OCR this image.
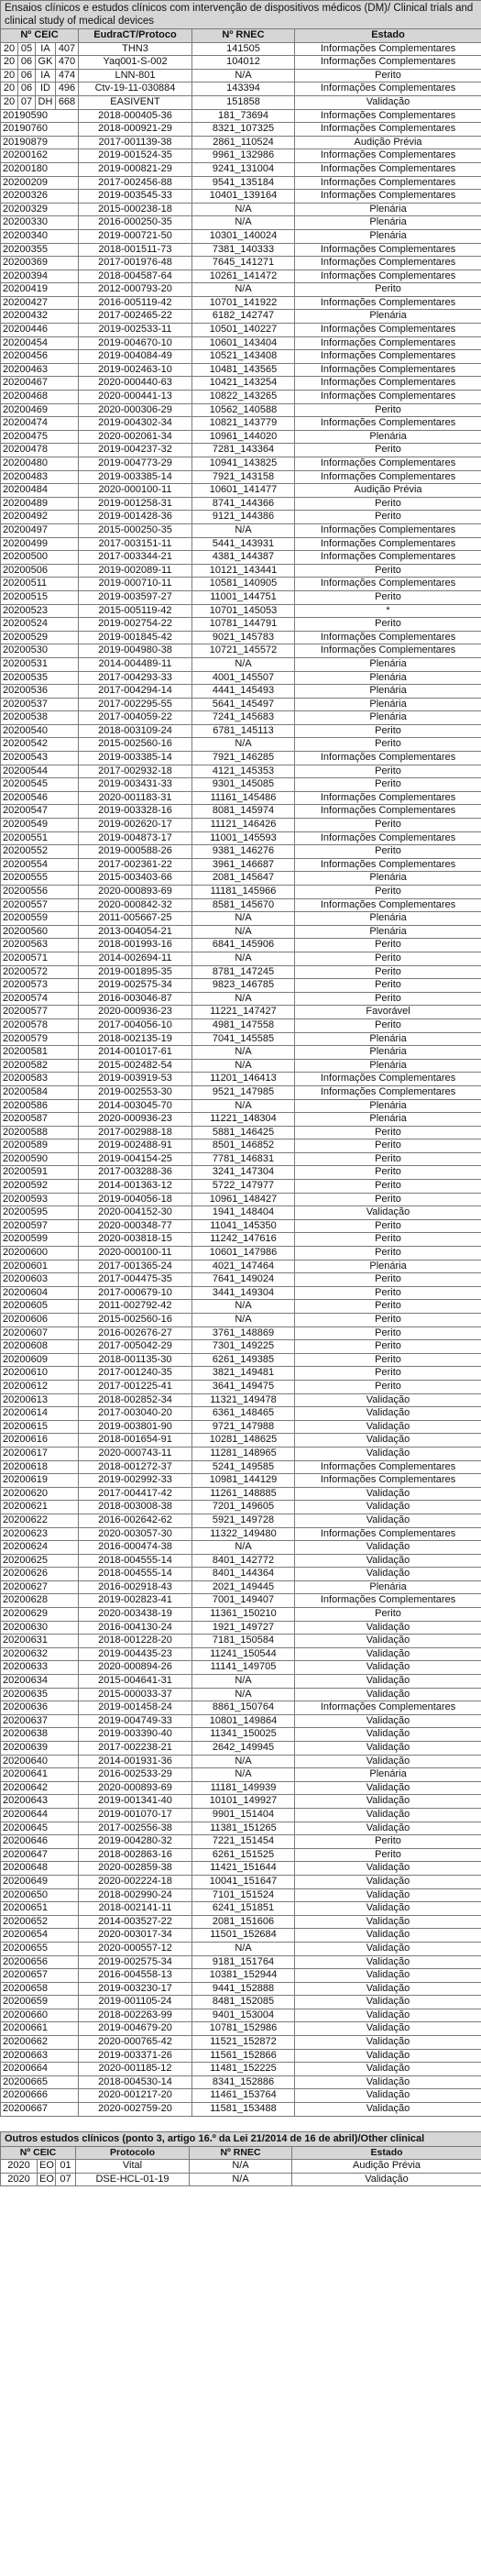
Ensaios clínicos e estudos clínicos com intervenção de dispositivos médicos (DM)/ Clinical trials and clinical study of medical devices						
Nº CEIC				EudraCT/Protoco	Nº RNEC	Estado
20	05	IA	407	THN3	141505	Informações Complementares
20	06	GK	470	Yaq001-S-002	104012	Informações Complementares
20	06	IA	474	LNN-801	N/A	Perito
20	06	ID	496	Ctv-19-11-030884	143394	Informações Complementares
20	07	DH	668	EASIVENT	151858	Validação
20190590				2018-000405-36	181_73694	Informações Complementares
20190760				2018-000921-29	8321_107325	Informações Complementares
20190879				2017-001139-38	2861_110524	Audição Prévia
20200162				2019-001524-35	9961_132986	Informações Complementares
20200180				2019-000821-29	9241_131004	Informações Complementares
20200209				2017-002456-88	9541_135184	Informações Complementares
20200326				2019-003545-33	10401_139164	Informações Complementares
20200329				2015-000238-18	N/A	Plenária
20200330				2016-000250-35	N/A	Plenária
20200340				2019-000721-50	10301_140024	Plenária
20200355				2018-001511-73	7381_140333	Informações Complementares
20200369				2017-001976-48	7645_141271	Informações Complementares
20200394				2018-004587-64	10261_141472	Informações Complementares
20200419				2012-000793-20	N/A	Perito
20200427				2016-005119-42	10701_141922	Informações Complementares
20200432				2017-002465-22	6182_142747	Plenária
20200446				2019-002533-11	10501_140227	Informações Complementares
20200454				2019-004670-10	10601_143404	Informações Complementares
20200456				2019-004084-49	10521_143408	Informações Complementares
20200463				2019-002463-10	10481_143565	Informações Complementares
20200467				2020-000440-63	10421_143254	Informações Complementares
20200468				2020-000441-13	10822_143265	Informações Complementares
20200469				2020-000306-29	10562_140588	Perito
20200474				2019-004302-34	10821_143779	Informações Complementares
20200475				2020-002061-34	10961_144020	Plenária
20200478				2019-004237-32	7281_143364	Perito
20200480				2019-004773-29	10941_143825	Informações Complementares
20200483				2019-003385-14	7921_143158	Informações Complementares
20200484				2020-000100-11	10601_141477	Audição Prévia
20200489				2019-001258-31	8741_144366	Perito
20200492				2019-001428-36	9121_144386	Perito
20200497				2015-000250-35	N/A	Informações Complementares
20200499				2017-003151-11	5441_143931	Informações Complementares
20200500				2017-003344-21	4381_144387	Informações Complementares
20200506				2019-002089-11	10121_143441	Perito
20200511				2019-000710-11	10581_140905	Informações Complementares
20200515				2019-003597-27	11001_144751	Perito
20200523				2015-005119-42	10701_145053	*
20200524				2019-002754-22	10781_144791	Perito
20200529				2019-001845-42	9021_145783	Informações Complementares
20200530				2019-004980-38	10721_145572	Informações Complementares
20200531				2014-004489-11	N/A	Plenária
20200535				2017-004293-33	4001_145507	Plenária
20200536				2017-004294-14	4441_145493	Plenária
20200537				2017-002295-55	5641_145497	Plenária
20200538				2017-004059-22	7241_145683	Plenária
20200540				2018-003109-24	6781_145113	Perito
20200542				2015-002560-16	N/A	Perito
20200543				2019-003385-14	7921_146285	Informações Complementares
20200544				2017-002932-18	4121_145353	Perito
20200545				2019-003431-33	9301_145085	Perito
20200546				2020-001183-31	11161_145486	Informações Complementares
20200547				2019-003328-16	8081_145974	Informações Complementares
20200549				2019-002620-17	11121_146426	Perito
20200551				2019-004873-17	11001_145593	Informações Complementares
20200552				2019-000588-26	9381_146276	Perito
20200554				2017-002361-22	3961_146687	Informações Complementares
20200555				2015-003403-66	2081_145647	Plenária
20200556				2020-000893-69	11181_145966	Perito
20200557				2020-000842-32	8581_145670	Informações Complementares
20200559				2011-005667-25	N/A	Plenária
20200560				2013-004054-21	N/A	Plenária
20200563				2018-001993-16	6841_145906	Perito
20200571				2014-002694-11	N/A	Perito
20200572				2019-001895-35	8781_147245	Perito
20200573				2019-002575-34	9823_146785	Perito
20200574				2016-003046-87	N/A	Perito
20200577				2020-000936-23	11221_147427	Favorável
20200578				2017-004056-10	4981_147558	Perito
20200579				2018-002135-19	7041_145585	Plenária
20200581				2014-001017-61	N/A	Plenária
20200582				2015-002482-54	N/A	Plenária
20200583				2019-003919-53	11201_146413	Informações Complementares
20200584				2019-002553-30	9521_147985	Informações Complementares
20200586				2014-003045-70	N/A	Plenária
20200587				2020-000936-23	11221_148304	Plenária
20200588				2017-002988-18	5881_146425	Perito
20200589				2019-002488-91	8501_146852	Perito
20200590				2019-004154-25	7781_146831	Perito
20200591				2017-003288-36	3241_147304	Perito
20200592				2014-001363-12	5722_147977	Perito
20200593				2019-004056-18	10961_148427	Perito
20200595				2020-004152-30	1941_148404	Validação
20200597				2020-000348-77	11041_145350	Perito
20200599				2020-003818-15	11242_147616	Perito
20200600				2020-000100-11	10601_147986	Perito
20200601				2017-001365-24	4021_147464	Plenária
20200603				2017-004475-35	7641_149024	Perito
20200604				2017-000679-10	3441_149304	Perito
20200605				2011-002792-42	N/A	Perito
20200606				2015-002560-16	N/A	Perito
20200607				2016-002676-27	3761_148869	Perito
20200608				2017-005042-29	7301_149225	Perito
20200609				2018-001135-30	6261_149385	Perito
20200610				2017-001240-35	3821_149481	Perito
20200612				2017-001225-41	3641_149475	Perito
20200613				2018-002852-34	11321_149478	Validação
20200614				2017-003040-20	6361_148465	Validação
20200615				2019-003801-90	9721_147988	Validação
20200616				2018-001654-91	10281_148625	Validação
20200617				2020-000743-11	11281_148965	Validação
20200618				2018-001272-37	5241_149585	Informações Complementares
20200619				2019-002992-33	10981_144129	Informações Complementares
20200620				2017-004417-42	11261_148885	Validação
20200621				2018-003008-38	7201_149605	Validação
20200622				2016-002642-62	5921_149728	Validação
20200623				2020-003057-30	11322_149480	Informações Complementares
20200624				2016-000474-38	N/A	Validação
20200625				2018-004555-14	8401_142772	Validação
20200626				2018-004555-14	8401_144364	Validação
20200627				2016-002918-43	2021_149445	Plenária
20200628				2019-002823-41	7001_149407	Informações Complementares
20200629				2020-003438-19	11361_150210	Perito
20200630				2016-004130-24	1921_149727	Validação
20200631				2018-001228-20	7181_150584	Validação
20200632				2019-004435-23	11241_150544	Validação
20200633				2020-000894-26	11141_149705	Validação
20200634				2015-004641-31	N/A	Validação
20200635				2015-000033-37	N/A	Validação
20200636				2019-001458-24	8861_150764	Informações Complementares
20200637				2019-004749-33	10801_149864	Validação
20200638				2019-003390-40	11341_150025	Validação
20200639				2017-002238-21	2642_149945	Validação
20200640				2014-001931-36	N/A	Validação
20200641				2016-002533-29	N/A	Plenária
20200642				2020-000893-69	11181_149939	Validação
20200643				2019-001341-40	10101_149927	Validação
20200644				2019-001070-17	9901_151404	Validação
20200645				2017-002556-38	11381_151265	Validação
20200646				2019-004280-32	7221_151454	Perito
20200647				2018-002863-16	6261_151525	Perito
20200648				2020-002859-38	11421_151644	Validação
20200649				2020-002224-18	10041_151647	Validação
20200650				2018-002990-24	7101_151524	Validação
20200651				2018-002141-11	6241_151851	Validação
20200652				2014-003527-22	2081_151606	Validação
20200654				2020-003017-34	11501_152684	Validação
20200655				2020-000557-12	N/A	Validação
20200656				2019-002575-34	9181_151764	Validação
20200657				2016-004558-13	10381_152944	Validação
20200658				2019-003230-17	9441_152888	Validação
20200659				2019-001105-24	8481_152085	Validação
20200660				2018-002263-99	9401_153004	Validação
20200661				2019-004679-20	10781_152986	Validação
20200662				2020-000765-42	11521_152872	Validação
20200663				2019-003371-26	11561_152866	Validação
20200664				2020-001185-12	11481_152225	Validação
20200665				2018-004530-14	8341_152886	Validação
20200666				2020-001217-20	11461_153764	Validação
20200667				2020-002759-20	11581_153488	Validação
Outros estudos clínicos (ponto 3, artigo 16.º da Lei 21/2014 de 16 de abril)/Other clinical					
Nº CEIC			Protocolo	Nº RNEC	Estado
2020	EO	01	Vital	N/A	Audição Prévia
2020	EO	07	DSE-HCL-01-19	N/A	Validação
